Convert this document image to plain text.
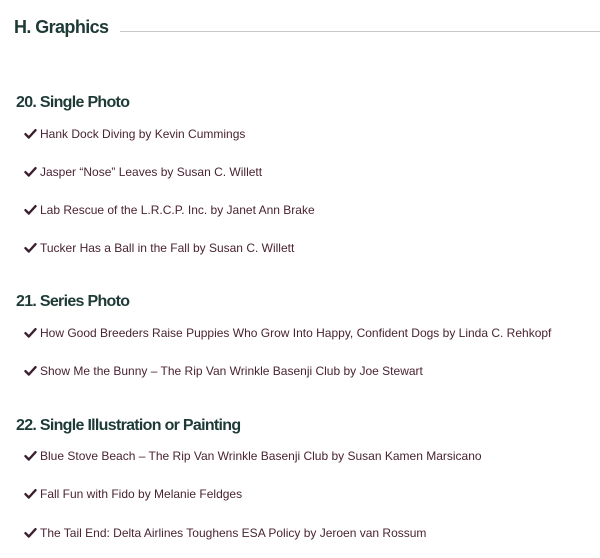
H. Graphics
20. Single Photo
Hank Dock Diving by Kevin Cummings
Jasper “Nose” Leaves by Susan C. Willett
Lab Rescue of the L.R.C.P. Inc. by Janet Ann Brake
Tucker Has a Ball in the Fall by Susan C. Willett
21. Series Photo
How Good Breeders Raise Puppies Who Grow Into Happy, Confident Dogs by Linda C. Rehkopf
Show Me the Bunny – The Rip Van Wrinkle Basenji Club by Joe Stewart
22. Single Illustration or Painting
Blue Stove Beach – The Rip Van Wrinkle Basenji Club by Susan Kamen Marsicano
Fall Fun with Fido by Melanie Feldges
The Tail End: Delta Airlines Toughens ESA Policy by Jeroen van Rossum
